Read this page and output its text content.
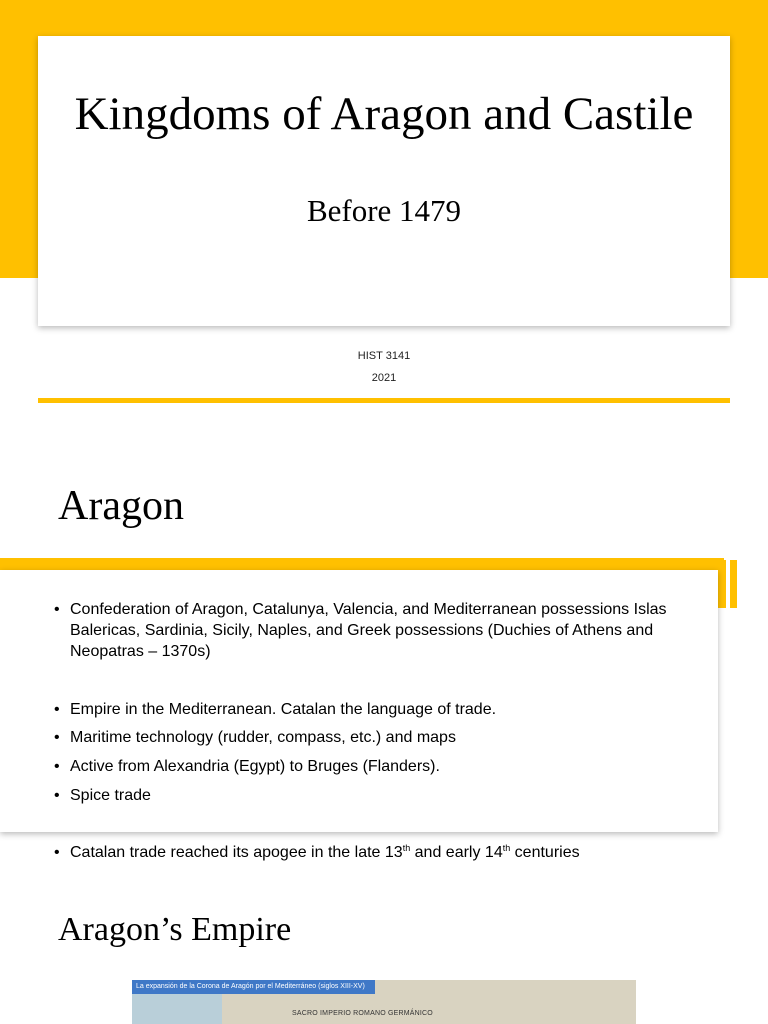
Kingdoms of Aragon and Castile
Before 1479
HIST 3141
2021
Aragon
• Confederation of Aragon, Catalunya, Valencia, and Mediterranean possessions Islas Balericas, Sardinia, Sicily, Naples, and Greek possessions (Duchies of Athens and Neopatras – 1370s)
• Empire in the Mediterranean. Catalan the language of trade.
• Maritime technology (rudder, compass, etc.) and maps
• Active from Alexandria (Egypt) to Bruges (Flanders).
• Spice trade
• Catalan trade reached its apogee in the late 13th and early 14th centuries
Aragon’s Empire
La expansión de la Corona de Aragón por el Mediterráneo (siglos XIII-XV)
SACRO IMPERIO ROMANO GERMÁNICO
